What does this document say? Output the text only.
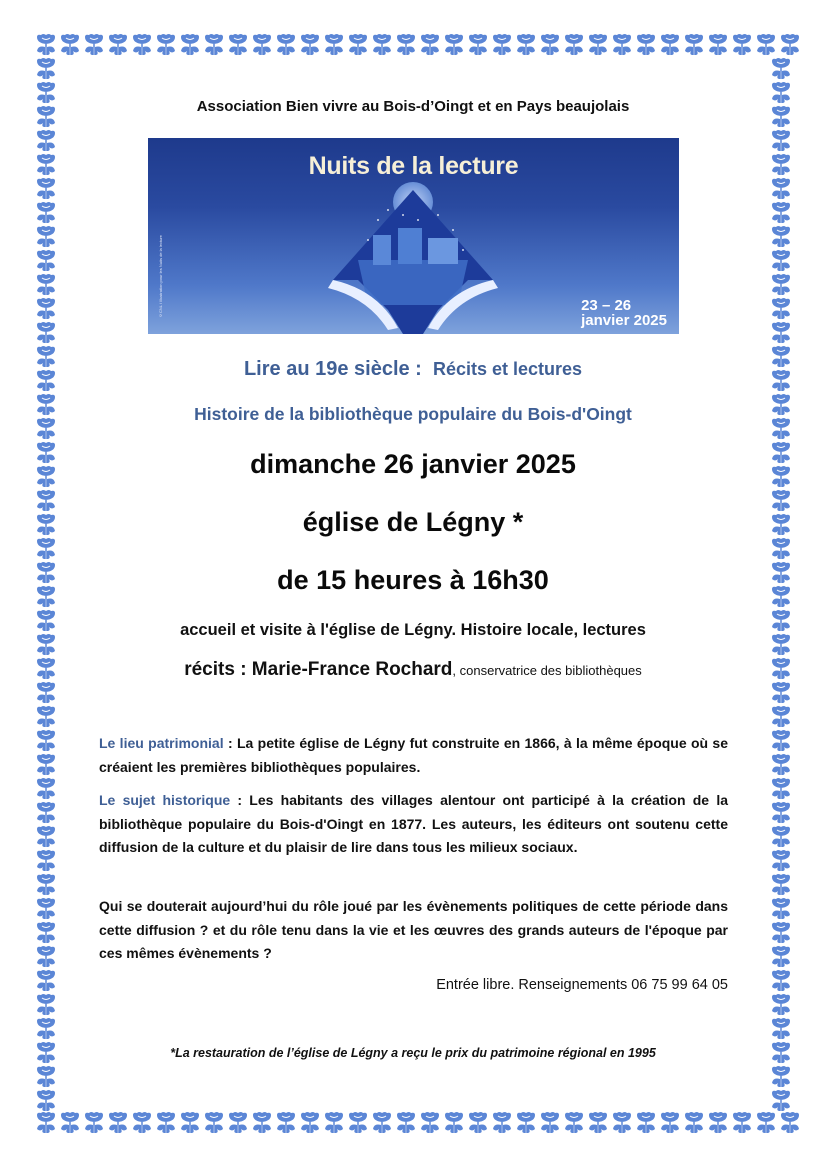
Association Bien vivre au Bois-d’Oingt et en Pays beaujolais
©CNL / Illustration pour les Nuits de la lecture
Nuits de la lecture
23 – 26
janvier 2025
Lire au 19e siècle : Récits et lectures
Histoire de la bibliothèque populaire du Bois-d'Oingt
dimanche 26 janvier 2025
église de Légny *
de 15 heures à 16h30
accueil et visite à l'église de Légny. Histoire locale, lectures
récits : Marie-France Rochard, conservatrice des bibliothèques
Le lieu patrimonial : La petite église de Légny fut construite en 1866, à la même époque où se créaient les premières bibliothèques populaires.
Le sujet historique : Les habitants des villages alentour ont participé à la création de la bibliothèque populaire du Bois-d'Oingt en 1877. Les auteurs, les éditeurs ont soutenu cette diffusion de la culture et du plaisir de lire dans tous les milieux sociaux.
Qui se douterait aujourd’hui du rôle joué par les évènements politiques de cette période dans cette diffusion ? et du rôle tenu dans la vie et les œuvres des grands auteurs de l'époque par ces mêmes évènements ?
Entrée libre. Renseignements 06 75 99 64 05
*La restauration de l’église de Légny a reçu le prix du patrimoine régional en 1995
